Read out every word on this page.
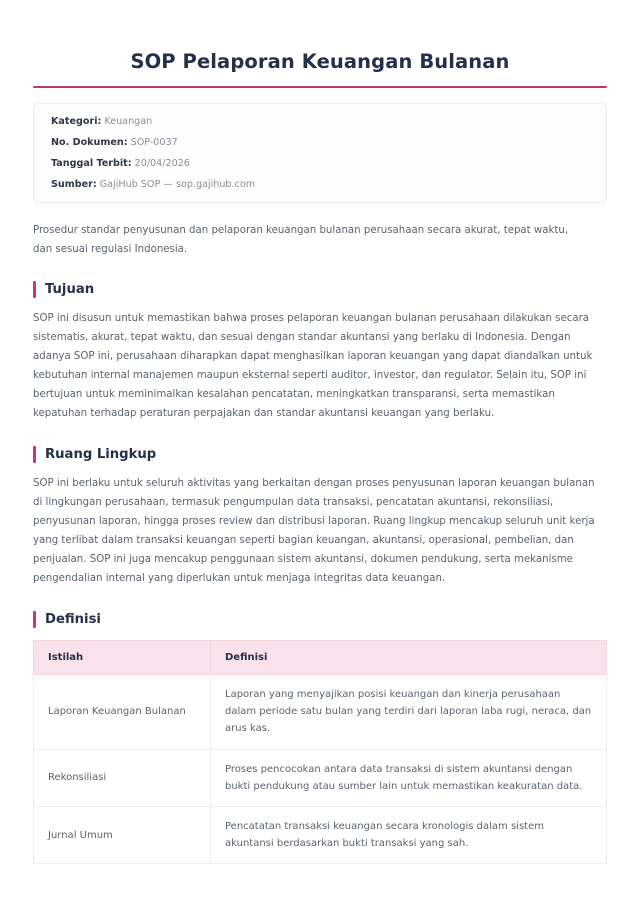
SOP Pelaporan Keuangan Bulanan
Kategori: Keuangan
No. Dokumen: SOP-0037
Tanggal Terbit: 20/04/2026
Sumber: GajiHub SOP — sop.gajihub.com

Prosedur standar penyusunan dan pelaporan keuangan bulanan perusahaan secara akurat, tepat waktu, dan sesuai regulasi Indonesia.

Tujuan

SOP ini disusun untuk memastikan bahwa proses pelaporan keuangan bulanan perusahaan dilakukan secara sistematis, akurat, tepat waktu, dan sesuai dengan standar akuntansi yang berlaku di Indonesia. Dengan adanya SOP ini, perusahaan diharapkan dapat menghasilkan laporan keuangan yang dapat diandalkan untuk kebutuhan internal manajemen maupun eksternal seperti auditor, investor, dan regulator. Selain itu, SOP ini bertujuan untuk meminimalkan kesalahan pencatatan, meningkatkan transparansi, serta memastikan kepatuhan terhadap peraturan perpajakan dan standar akuntansi keuangan yang berlaku.

Ruang Lingkup

SOP ini berlaku untuk seluruh aktivitas yang berkaitan dengan proses penyusunan laporan keuangan bulanan di lingkungan perusahaan, termasuk pengumpulan data transaksi, pencatatan akuntansi, rekonsiliasi, penyusunan laporan, hingga proses review dan distribusi laporan. Ruang lingkup mencakup seluruh unit kerja yang terlibat dalam transaksi keuangan seperti bagian keuangan, akuntansi, operasional, pembelian, dan penjualan. SOP ini juga mencakup penggunaan sistem akuntansi, dokumen pendukung, serta mekanisme pengendalian internal yang diperlukan untuk menjaga integritas data keuangan.

Definisi
Istilah	Definisi
Laporan Keuangan Bulanan	Laporan yang menyajikan posisi keuangan dan kinerja perusahaan dalam periode satu bulan yang terdiri dari laporan laba rugi, neraca, dan arus kas.
Rekonsiliasi	Proses pencocokan antara data transaksi di sistem akuntansi dengan bukti pendukung atau sumber lain untuk memastikan keakuratan data.
Jurnal Umum	Pencatatan transaksi keuangan secara kronologis dalam sistem akuntansi berdasarkan bukti transaksi yang sah.
